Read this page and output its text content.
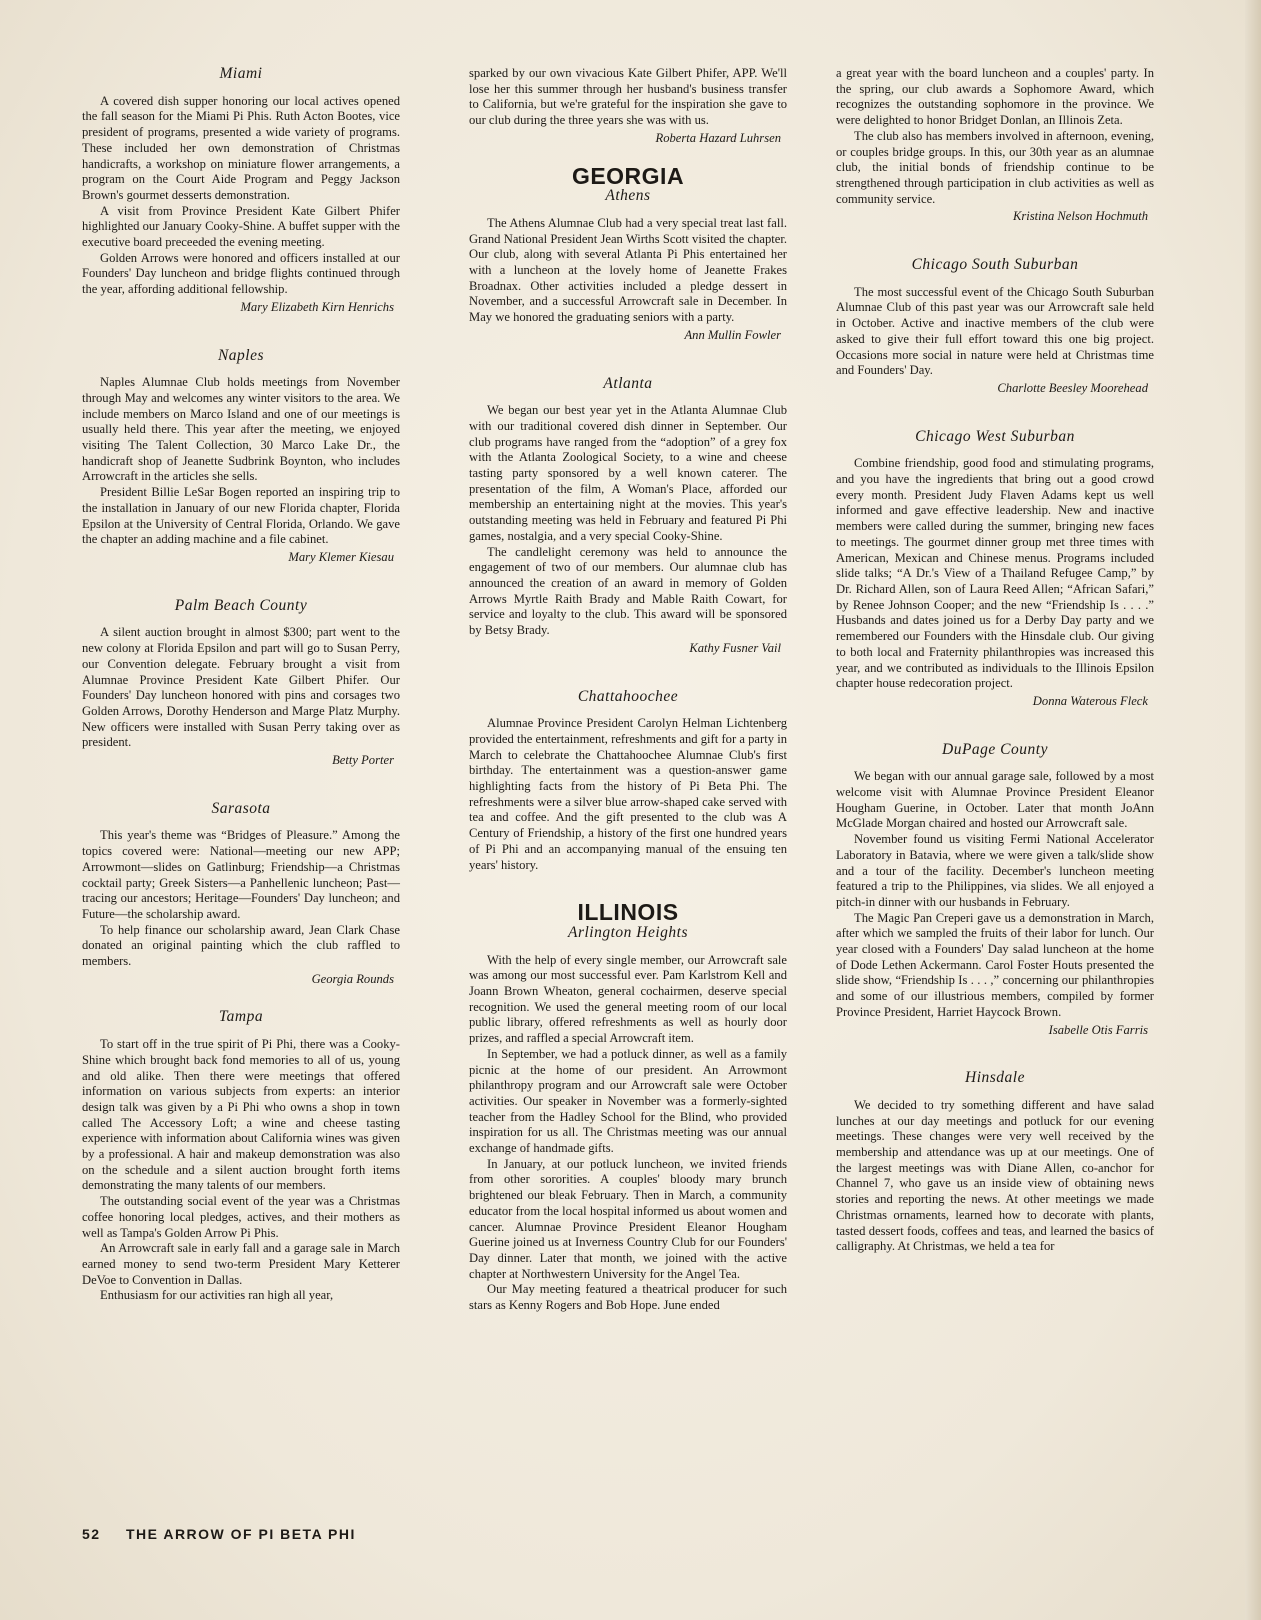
Miami

A covered dish supper honoring our local actives opened the fall season for the Miami Pi Phis. Ruth Acton Bootes, vice president of programs, presented a wide variety of programs. These included her own demonstration of Christmas handicrafts, a workshop on miniature flower arrangements, a program on the Court Aide Program and Peggy Jackson Brown's gourmet desserts demonstration.

A visit from Province President Kate Gilbert Phifer highlighted our January Cooky-Shine. A buffet supper with the executive board preceeded the evening meeting.

Golden Arrows were honored and officers installed at our Founders' Day luncheon and bridge flights continued through the year, affording additional fellowship.

Mary Elizabeth Kirn Henrichs
Naples

Naples Alumnae Club holds meetings from November through May and welcomes any winter visitors to the area. We include members on Marco Island and one of our meetings is usually held there. This year after the meeting, we enjoyed visiting The Talent Collection, 30 Marco Lake Dr., the handicraft shop of Jeanette Sudbrink Boynton, who includes Arrowcraft in the articles she sells.

President Billie LeSar Bogen reported an inspiring trip to the installation in January of our new Florida chapter, Florida Epsilon at the University of Central Florida, Orlando. We gave the chapter an adding machine and a file cabinet.

Mary Klemer Kiesau
Palm Beach County

A silent auction brought in almost $300; part went to the new colony at Florida Epsilon and part will go to Susan Perry, our Convention delegate. February brought a visit from Alumnae Province President Kate Gilbert Phifer. Our Founders' Day luncheon honored with pins and corsages two Golden Arrows, Dorothy Henderson and Marge Platz Murphy. New officers were installed with Susan Perry taking over as president.

Betty Porter
Sarasota

This year's theme was “Bridges of Pleasure.” Among the topics covered were: National—meeting our new APP; Arrowmont—slides on Gatlinburg; Friendship—a Christmas cocktail party; Greek Sisters—a Panhellenic luncheon; Past—tracing our ancestors; Heritage—Founders' Day luncheon; and Future—the scholarship award.

To help finance our scholarship award, Jean Clark Chase donated an original painting which the club raffled to members.

Georgia Rounds
Tampa

To start off in the true spirit of Pi Phi, there was a Cooky-Shine which brought back fond memories to all of us, young and old alike. Then there were meetings that offered information on various subjects from experts: an interior design talk was given by a Pi Phi who owns a shop in town called The Accessory Loft; a wine and cheese tasting experience with information about California wines was given by a professional. A hair and makeup demonstration was also on the schedule and a silent auction brought forth items demonstrating the many talents of our members.

The outstanding social event of the year was a Christmas coffee honoring local pledges, actives, and their mothers as well as Tampa's Golden Arrow Pi Phis.

An Arrowcraft sale in early fall and a garage sale in March earned money to send two-term President Mary Ketterer DeVoe to Convention in Dallas.

Enthusiasm for our activities ran high all year,

sparked by our own vivacious Kate Gilbert Phifer, APP. We'll lose her this summer through her husband's business transfer to California, but we're grateful for the inspiration she gave to our club during the three years she was with us.

Roberta Hazard Luhrsen
GEORGIA
Athens

The Athens Alumnae Club had a very special treat last fall. Grand National President Jean Wirths Scott visited the chapter. Our club, along with several Atlanta Pi Phis entertained her with a luncheon at the lovely home of Jeanette Frakes Broadnax. Other activities included a pledge dessert in November, and a successful Arrowcraft sale in December. In May we honored the graduating seniors with a party.

Ann Mullin Fowler
Atlanta

We began our best year yet in the Atlanta Alumnae Club with our traditional covered dish dinner in September. Our club programs have ranged from the “adoption” of a grey fox with the Atlanta Zoological Society, to a wine and cheese tasting party sponsored by a well known caterer. The presentation of the film, A Woman's Place, afforded our membership an entertaining night at the movies. This year's outstanding meeting was held in February and featured Pi Phi games, nostalgia, and a very special Cooky-Shine.

The candlelight ceremony was held to announce the engagement of two of our members. Our alumnae club has announced the creation of an award in memory of Golden Arrows Myrtle Raith Brady and Mable Raith Cowart, for service and loyalty to the club. This award will be sponsored by Betsy Brady.

Kathy Fusner Vail
Chattahoochee

Alumnae Province President Carolyn Helman Lichtenberg provided the entertainment, refreshments and gift for a party in March to celebrate the Chattahoochee Alumnae Club's first birthday. The entertainment was a question-answer game highlighting facts from the history of Pi Beta Phi. The refreshments were a silver blue arrow-shaped cake served with tea and coffee. And the gift presented to the club was A Century of Friendship, a history of the first one hundred years of Pi Phi and an accompanying manual of the ensuing ten years' history.

ILLINOIS
Arlington Heights

With the help of every single member, our Arrowcraft sale was among our most successful ever. Pam Karlstrom Kell and Joann Brown Wheaton, general cochairmen, deserve special recognition. We used the general meeting room of our local public library, offered refreshments as well as hourly door prizes, and raffled a special Arrowcraft item.

In September, we had a potluck dinner, as well as a family picnic at the home of our president. An Arrowmont philanthropy program and our Arrowcraft sale were October activities. Our speaker in November was a formerly-sighted teacher from the Hadley School for the Blind, who provided inspiration for us all. The Christmas meeting was our annual exchange of handmade gifts.

In January, at our potluck luncheon, we invited friends from other sororities. A couples' bloody mary brunch brightened our bleak February. Then in March, a community educator from the local hospital informed us about women and cancer. Alumnae Province President Eleanor Hougham Guerine joined us at Inverness Country Club for our Founders' Day dinner. Later that month, we joined with the active chapter at Northwestern University for the Angel Tea.

Our May meeting featured a theatrical producer for such stars as Kenny Rogers and Bob Hope. June ended

a great year with the board luncheon and a couples' party. In the spring, our club awards a Sophomore Award, which recognizes the outstanding sophomore in the province. We were delighted to honor Bridget Donlan, an Illinois Zeta.

The club also has members involved in afternoon, evening, or couples bridge groups. In this, our 30th year as an alumnae club, the initial bonds of friendship continue to be strengthened through participation in club activities as well as community service.

Kristina Nelson Hochmuth
Chicago South Suburban

The most successful event of the Chicago South Suburban Alumnae Club of this past year was our Arrowcraft sale held in October. Active and inactive members of the club were asked to give their full effort toward this one big project. Occasions more social in nature were held at Christmas time and Founders' Day.

Charlotte Beesley Moorehead
Chicago West Suburban

Combine friendship, good food and stimulating programs, and you have the ingredients that bring out a good crowd every month. President Judy Flaven Adams kept us well informed and gave effective leadership. New and inactive members were called during the summer, bringing new faces to meetings. The gourmet dinner group met three times with American, Mexican and Chinese menus. Programs included slide talks; “A Dr.'s View of a Thailand Refugee Camp,” by Dr. Richard Allen, son of Laura Reed Allen; “African Safari,” by Renee Johnson Cooper; and the new “Friendship Is . . . .” Husbands and dates joined us for a Derby Day party and we remembered our Founders with the Hinsdale club. Our giving to both local and Fraternity philanthropies was increased this year, and we contributed as individuals to the Illinois Epsilon chapter house redecoration project.

Donna Waterous Fleck
DuPage County

We began with our annual garage sale, followed by a most welcome visit with Alumnae Province President Eleanor Hougham Guerine, in October. Later that month JoAnn McGlade Morgan chaired and hosted our Arrowcraft sale.

November found us visiting Fermi National Accelerator Laboratory in Batavia, where we were given a talk/slide show and a tour of the facility. December's luncheon meeting featured a trip to the Philippines, via slides. We all enjoyed a pitch-in dinner with our husbands in February.

The Magic Pan Creperi gave us a demonstration in March, after which we sampled the fruits of their labor for lunch. Our year closed with a Founders' Day salad luncheon at the home of Dode Lethen Ackermann. Carol Foster Houts presented the slide show, “Friendship Is . . . ,” concerning our philanthropies and some of our illustrious members, compiled by former Province President, Harriet Haycock Brown.

Isabelle Otis Farris
Hinsdale

We decided to try something different and have salad lunches at our day meetings and potluck for our evening meetings. These changes were very well received by the membership and attendance was up at our meetings. One of the largest meetings was with Diane Allen, co-anchor for Channel 7, who gave us an inside view of obtaining news stories and reporting the news. At other meetings we made Christmas ornaments, learned how to decorate with plants, tasted dessert foods, coffees and teas, and learned the basics of calligraphy. At Christmas, we held a tea for

52 THE ARROW OF PI BETA PHI
